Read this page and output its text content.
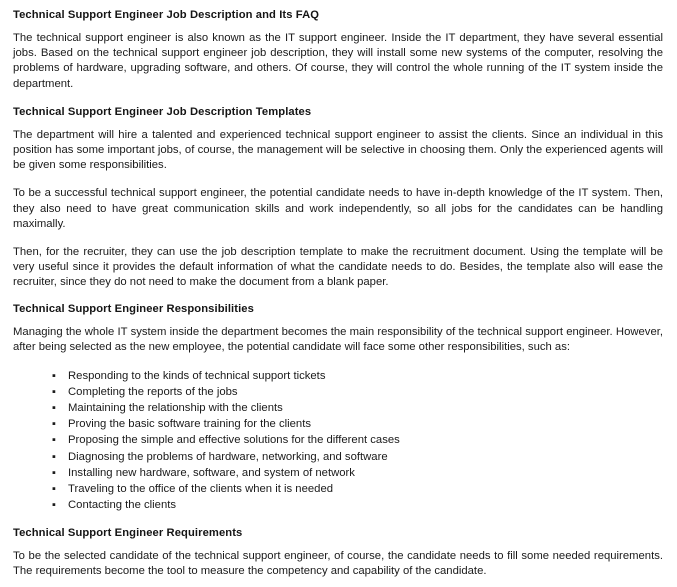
Technical Support Engineer Job Description and Its FAQ

The technical support engineer is also known as the IT support engineer. Inside the IT department, they have several essential jobs. Based on the technical support engineer job description, they will install some new systems of the computer, resolving the problems of hardware, upgrading software, and others. Of course, they will control the whole running of the IT system inside the department.

Technical Support Engineer Job Description Templates

The department will hire a talented and experienced technical support engineer to assist the clients. Since an individual in this position has some important jobs, of course, the management will be selective in choosing them. Only the experienced agents will be given some responsibilities.

To be a successful technical support engineer, the potential candidate needs to have in-depth knowledge of the IT system. Then, they also need to have great communication skills and work independently, so all jobs for the candidates can be handling maximally.

Then, for the recruiter, they can use the job description template to make the recruitment document. Using the template will be very useful since it provides the default information of what the candidate needs to do. Besides, the template also will ease the recruiter, since they do not need to make the document from a blank paper.

Technical Support Engineer Responsibilities

Managing the whole IT system inside the department becomes the main responsibility of the technical support engineer. However, after being selected as the new employee, the potential candidate will face some other responsibilities, such as:

▪ Responding to the kinds of technical support tickets
▪ Completing the reports of the jobs
▪ Maintaining the relationship with the clients
▪ Proving the basic software training for the clients
▪ Proposing the simple and effective solutions for the different cases
▪ Diagnosing the problems of hardware, networking, and software
▪ Installing new hardware, software, and system of network
▪ Traveling to the office of the clients when it is needed
▪ Contacting the clients
Technical Support Engineer Requirements

To be the selected candidate of the technical support engineer, of course, the candidate needs to fill some needed requirements. The requirements become the tool to measure the competency and capability of the candidate.
